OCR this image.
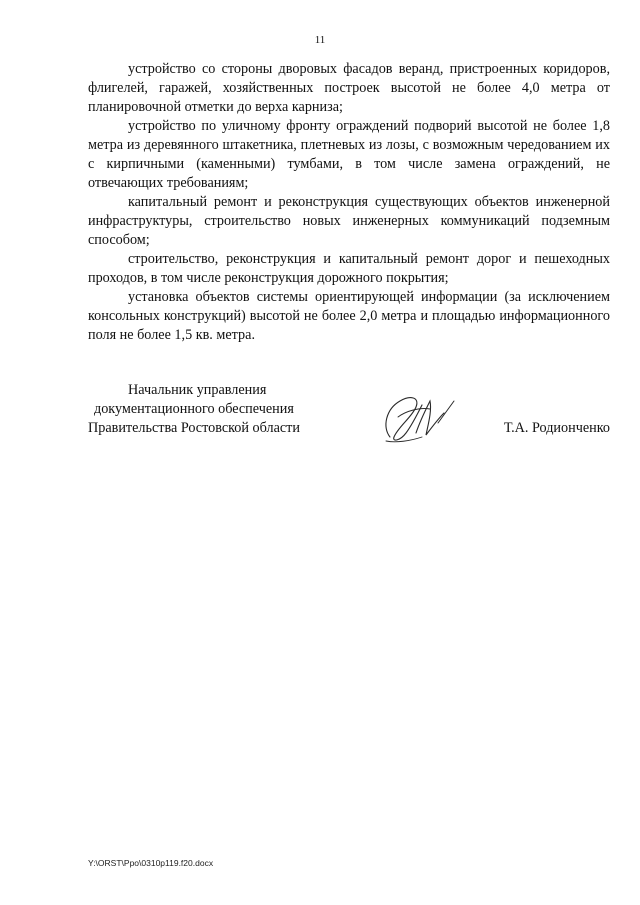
11

устройство со стороны дворовых фасадов веранд, пристроенных коридоров, флигелей, гаражей, хозяйственных построек высотой не более 4,0 метра от планировочной отметки до верха карниза;

устройство по уличному фронту ограждений подворий высотой не более 1,8 метра из деревянного штакетника, плетневых из лозы, с возможным чередованием их с кирпичными (каменными) тумбами, в том числе замена ограждений, не отвечающих требованиям;

капитальный ремонт и реконструкция существующих объектов инженерной инфраструктуры, строительство новых инженерных коммуникаций подземным способом;

строительство, реконструкция и капитальный ремонт дорог и пешеходных проходов, в том числе реконструкция дорожного покрытия;

установка объектов системы ориентирующей информации (за исключением консольных конструкций) высотой не более 2,0 метра и площадью информационного поля не более 1,5 кв. метра.

Начальник управления
документационного обеспечения
Правительства Ростовской области	Т.А. Родионченко
Y:\ORST\Ppo\0310p119.f20.docx
